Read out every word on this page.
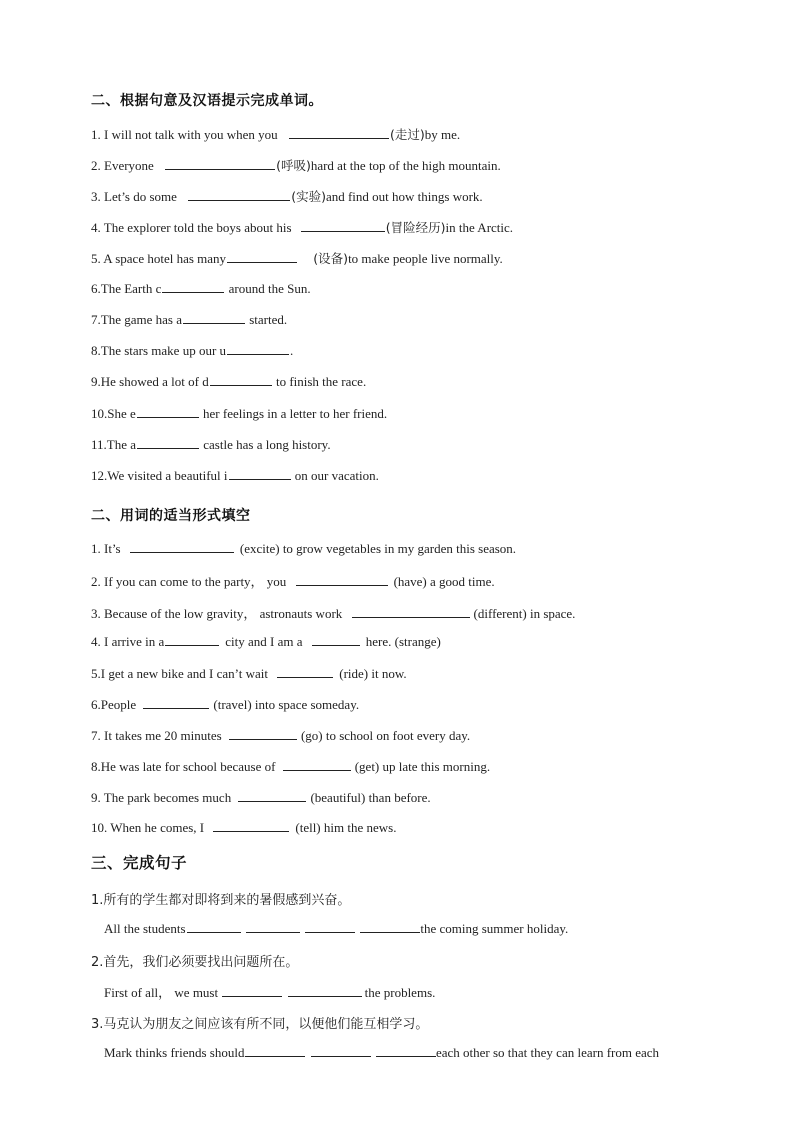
二、根据句意及汉语提示完成单词。
1. I will not talk with you when you	(走过)by me.
2. Everyone	(呼吸)hard at the top of the high mountain.
3. Let’s do some	(实验)and find out how things work.
4. The explorer told the boys about his	(冒险经历)in the Arctic.
5. A space hotel has many	(设备)to make people live normally.
6.The Earth c	around the Sun.
7.The game has a	started.
8.The stars make up our u	.
9.He showed a lot of d	to finish the race.
10.She e	her feelings in a letter to her friend.
11.The a	castle has a long history.
12.We visited a beautiful i	on our vacation.
二、用词的适当形式填空
1. It’s	(excite) to grow vegetables in my garden this season.
2. If you can come to the party， you	(have) a good time.
3. Because of the low gravity， astronauts work	(different) in space.
4. I arrive in a	city and I am a	here. (strange)
5.I get a new bike and I can’t wait	(ride) it now.
6.People	(travel) into space someday.
7. It takes me 20 minutes	(go) to school on foot every day.
8.He was late for school because of	(get) up late this morning.
9. The park becomes much	(beautiful) than before.
10. When he comes, I	(tell) him the news.
三、完成句子
1.所有的学生都对即将到来的暑假感到兴奋。
All the students	the coming summer holiday.
2.首先，我们必须要找出问题所在。
First of all， we must	the problems.
3.马克认为朋友之间应该有所不同，以便他们能互相学习。
Mark thinks friends should	each other so that they can learn from each
